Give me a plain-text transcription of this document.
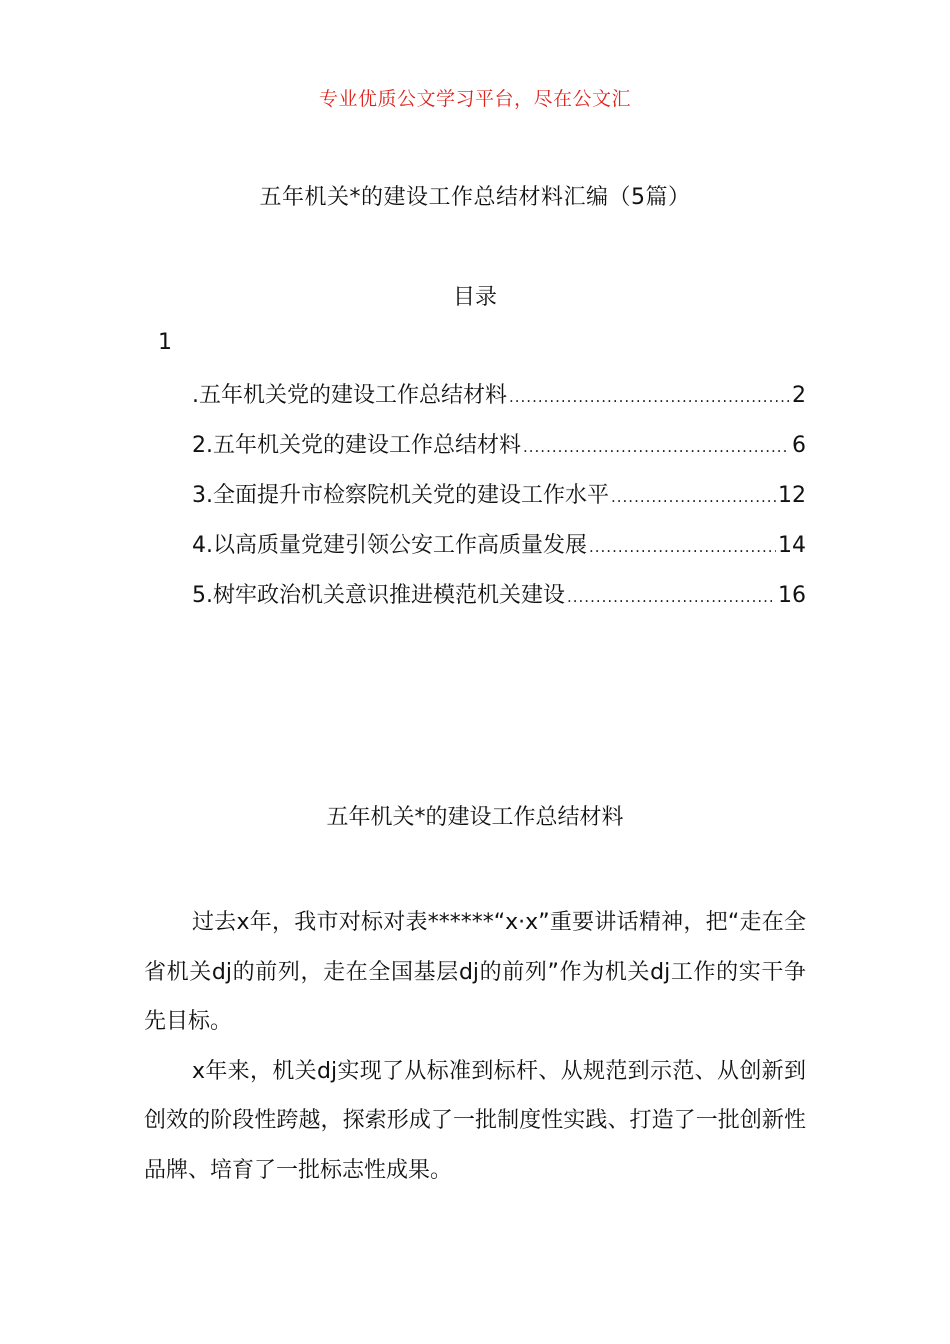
专业优质公文学习平台，尽在公文汇
五年机关*的建设工作总结材料汇编（5篇）
目录
1
.五年机关党的建设工作总结材料 .....	2
2.五年机关党的建设工作总结材料 .....	6
3.全面提升市检察院机关党的建设工作水平 .....	12
4.以高质量党建引领公安工作高质量发展 .....	14
5.树牢政治机关意识推进模范机关建设 .....	16
五年机关*的建设工作总结材料

过去x年，我市对标对表******“x·x”重要讲话精神，把“走在全省机关dj的前列，走在全国基层dj的前列”作为机关dj工作的实干争先目标。

x年来，机关dj实现了从标准到标杆、从规范到示范、从创新到创效的阶段性跨越，探索形成了一批制度性实践、打造了一批创新性品牌、培育了一批标志性成果。
